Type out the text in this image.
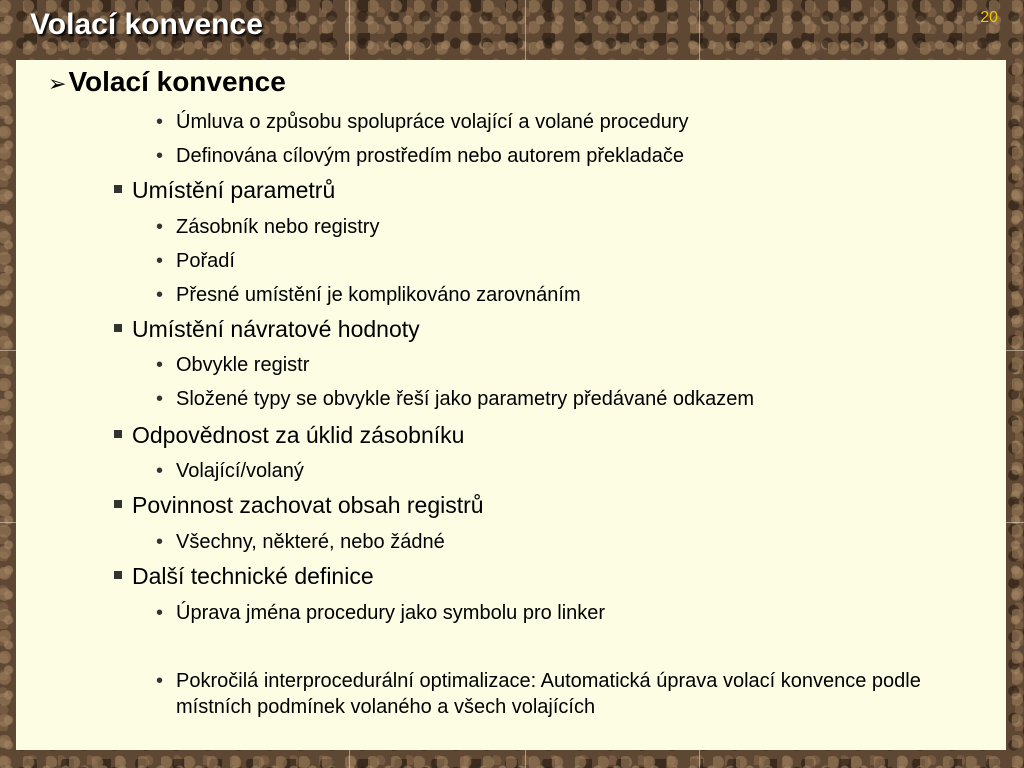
Volací konvence	20
➢Volací konvence
• Úmluva o způsobu spolupráce volající a volané procedury
• Definována cílovým prostředím nebo autorem překladače
Umístění parametrů
• Zásobník nebo registry
• Pořadí
• Přesné umístění je komplikováno zarovnáním
Umístění návratové hodnoty
• Obvykle registr
• Složené typy se obvykle řeší jako parametry předávané odkazem
Odpovědnost za úklid zásobníku
• Volající/volaný
Povinnost zachovat obsah registrů
• Všechny, některé, nebo žádné
Další technické definice
• Úprava jména procedury jako symbolu pro linker
• Pokročilá interprocedurální optimalizace: Automatická úprava volací konvence podle místních podmínek volaného a všech volajících
